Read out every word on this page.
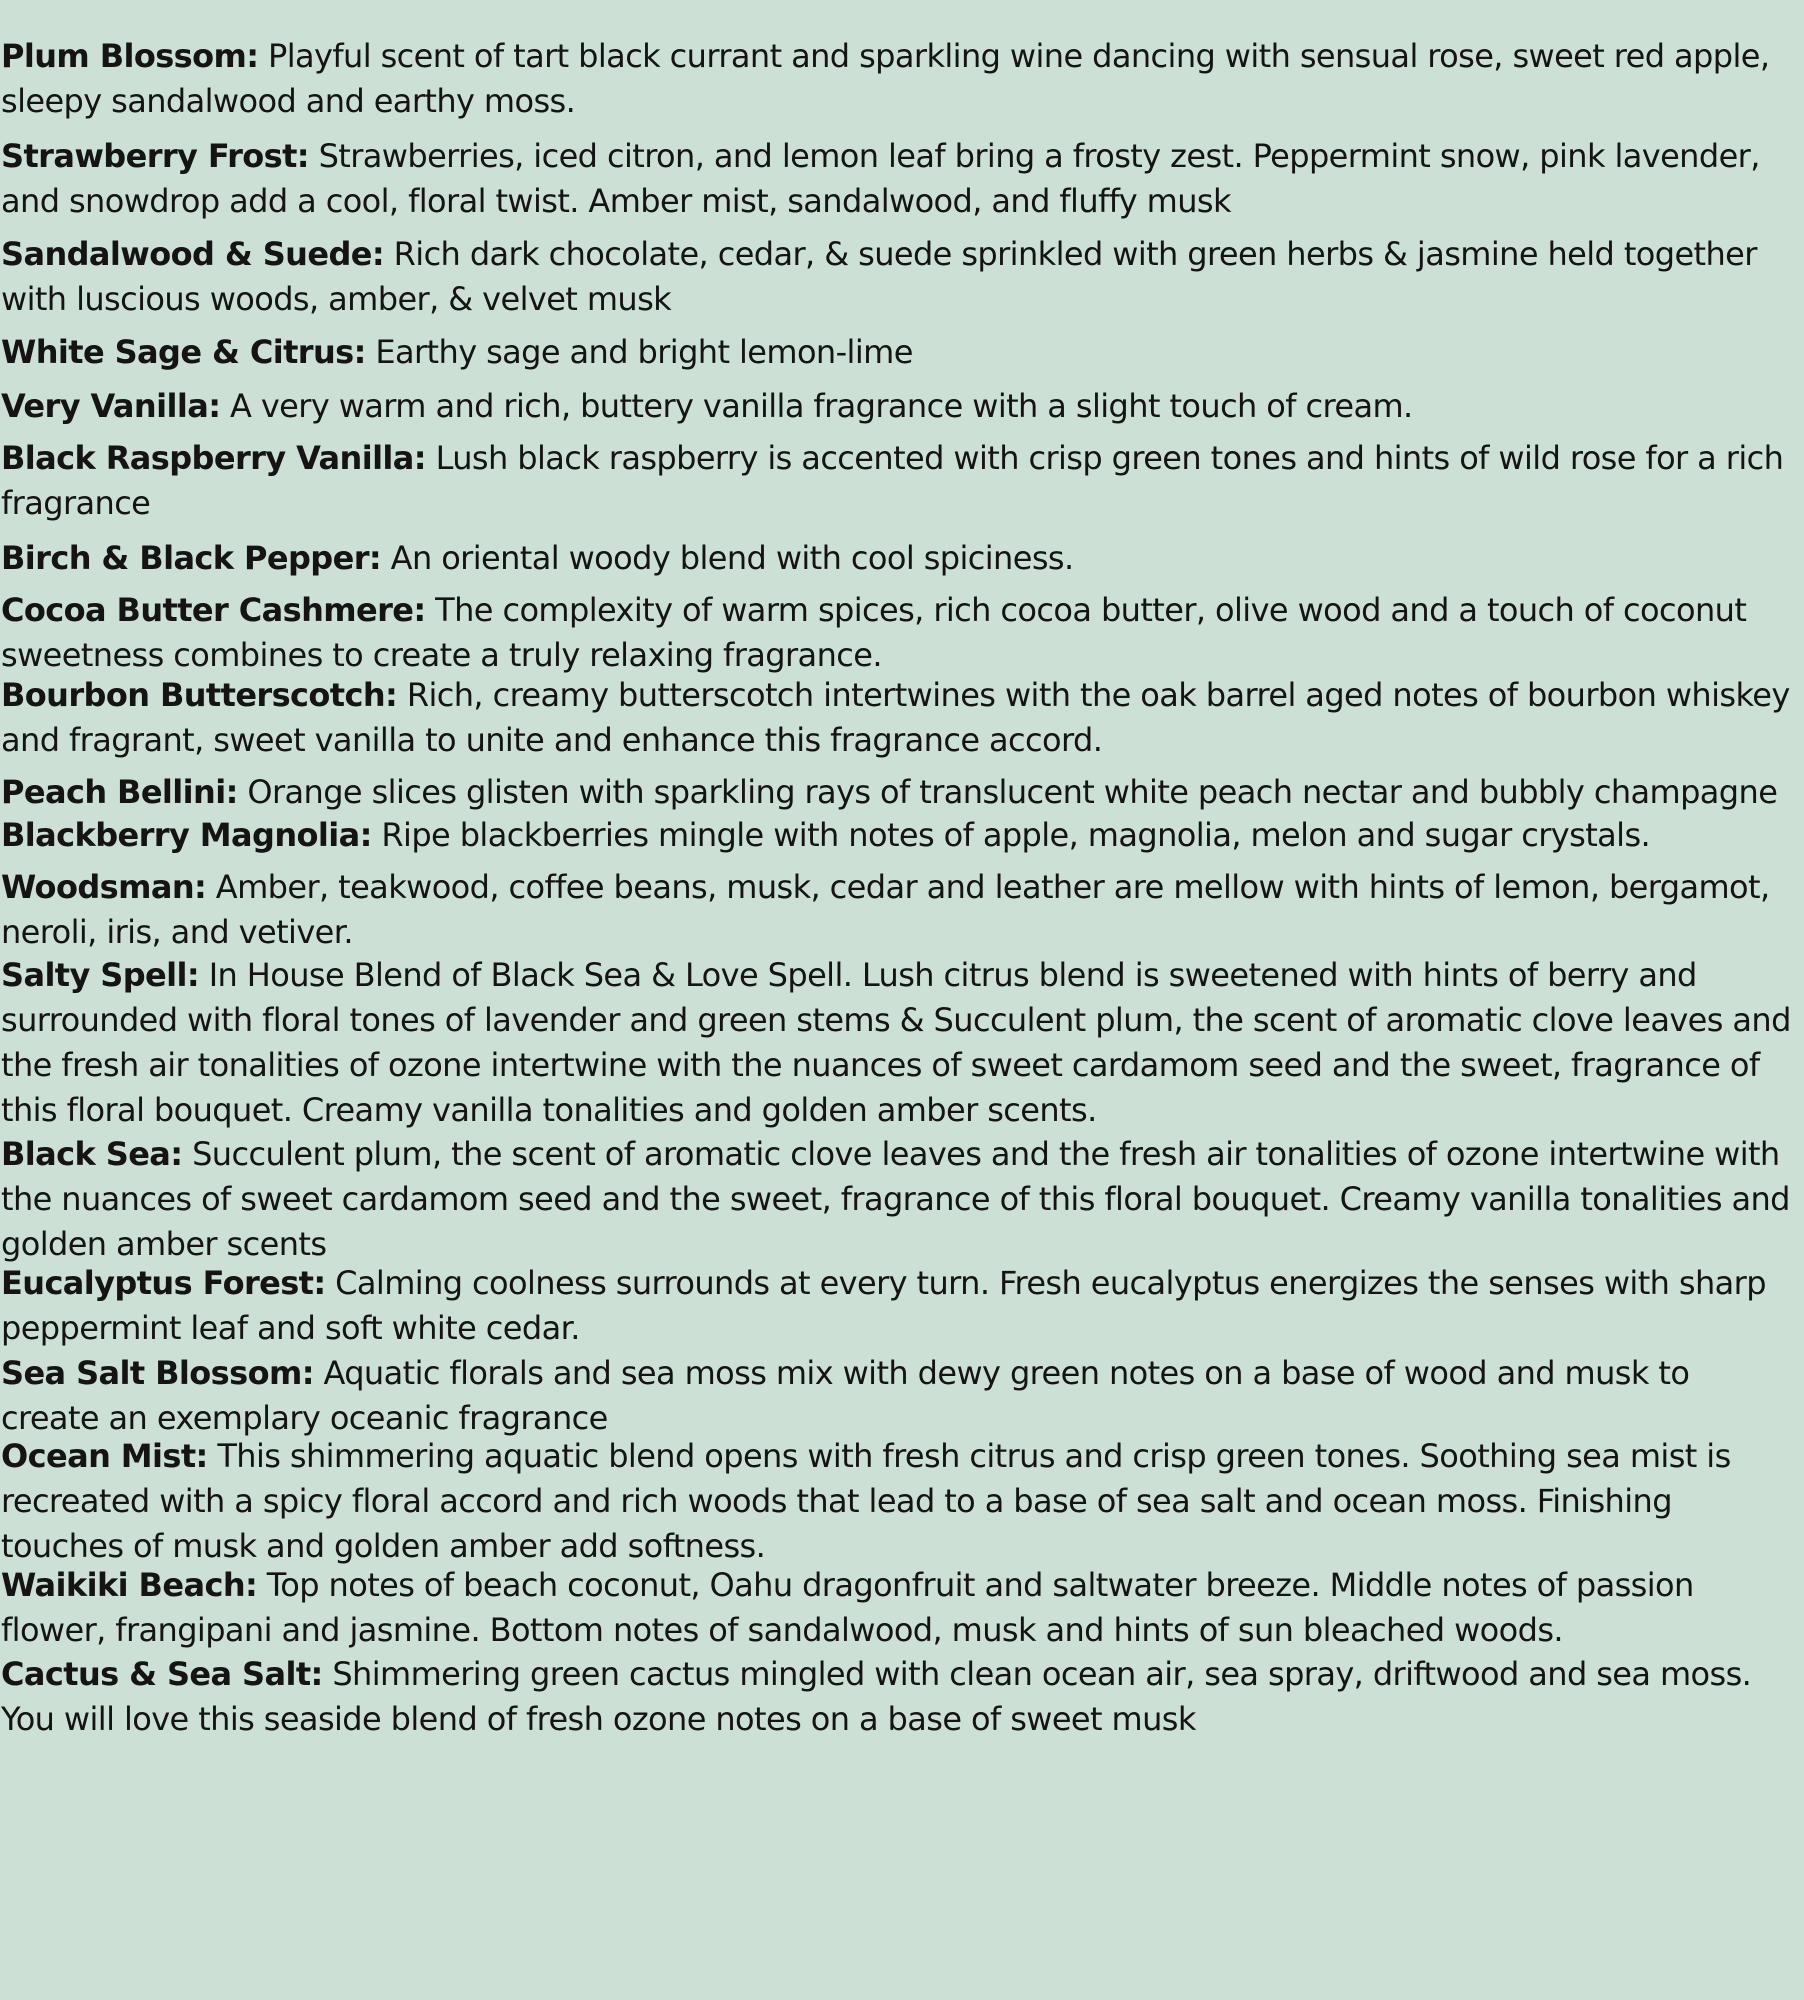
Plum Blossom: Playful scent of tart black currant and sparkling wine dancing with sensual rose, sweet red apple, sleepy sandalwood and earthy moss.

Strawberry Frost: Strawberries, iced citron, and lemon leaf bring a frosty zest. Peppermint snow, pink lavender, and snowdrop add a cool, floral twist. Amber mist, sandalwood, and fluffy musk

Sandalwood & Suede: Rich dark chocolate, cedar, & suede sprinkled with green herbs & jasmine held together with luscious woods, amber, & velvet musk

White Sage & Citrus: Earthy sage and bright lemon-lime

Very Vanilla: A very warm and rich, buttery vanilla fragrance with a slight touch of cream.

Black Raspberry Vanilla: Lush black raspberry is accented with crisp green tones and hints of wild rose for a rich fragrance

Birch & Black Pepper: An oriental woody blend with cool spiciness.

Cocoa Butter Cashmere: The complexity of warm spices, rich cocoa butter, olive wood and a touch of coconut sweetness combines to create a truly relaxing fragrance.

Bourbon Butterscotch: Rich, creamy butterscotch intertwines with the oak barrel aged notes of bourbon whiskey and fragrant, sweet vanilla to unite and enhance this fragrance accord.

Peach Bellini: Orange slices glisten with sparkling rays of translucent white peach nectar and bubbly champagne

Blackberry Magnolia: Ripe blackberries mingle with notes of apple, magnolia, melon and sugar crystals.

Woodsman: Amber, teakwood, coffee beans, musk, cedar and leather are mellow with hints of lemon, bergamot, neroli, iris, and vetiver.

Salty Spell: In House Blend of Black Sea & Love Spell. Lush citrus blend is sweetened with hints of berry and surrounded with floral tones of lavender and green stems & Succulent plum, the scent of aromatic clove leaves and the fresh air tonalities of ozone intertwine with the nuances of sweet cardamom seed and the sweet, fragrance of this floral bouquet. Creamy vanilla tonalities and golden amber scents.

Black Sea: Succulent plum, the scent of aromatic clove leaves and the fresh air tonalities of ozone intertwine with the nuances of sweet cardamom seed and the sweet, fragrance of this floral bouquet. Creamy vanilla tonalities and golden amber scents

Eucalyptus Forest: Calming coolness surrounds at every turn. Fresh eucalyptus energizes the senses with sharp peppermint leaf and soft white cedar.

Sea Salt Blossom: Aquatic florals and sea moss mix with dewy green notes on a base of wood and musk to create an exemplary oceanic fragrance

Ocean Mist: This shimmering aquatic blend opens with fresh citrus and crisp green tones. Soothing sea mist is recreated with a spicy floral accord and rich woods that lead to a base of sea salt and ocean moss. Finishing touches of musk and golden amber add softness.

Waikiki Beach: Top notes of beach coconut, Oahu dragonfruit and saltwater breeze. Middle notes of passion flower, frangipani and jasmine. Bottom notes of sandalwood, musk and hints of sun bleached woods.

Cactus & Sea Salt: Shimmering green cactus mingled with clean ocean air, sea spray, driftwood and sea moss. You will love this seaside blend of fresh ozone notes on a base of sweet musk
